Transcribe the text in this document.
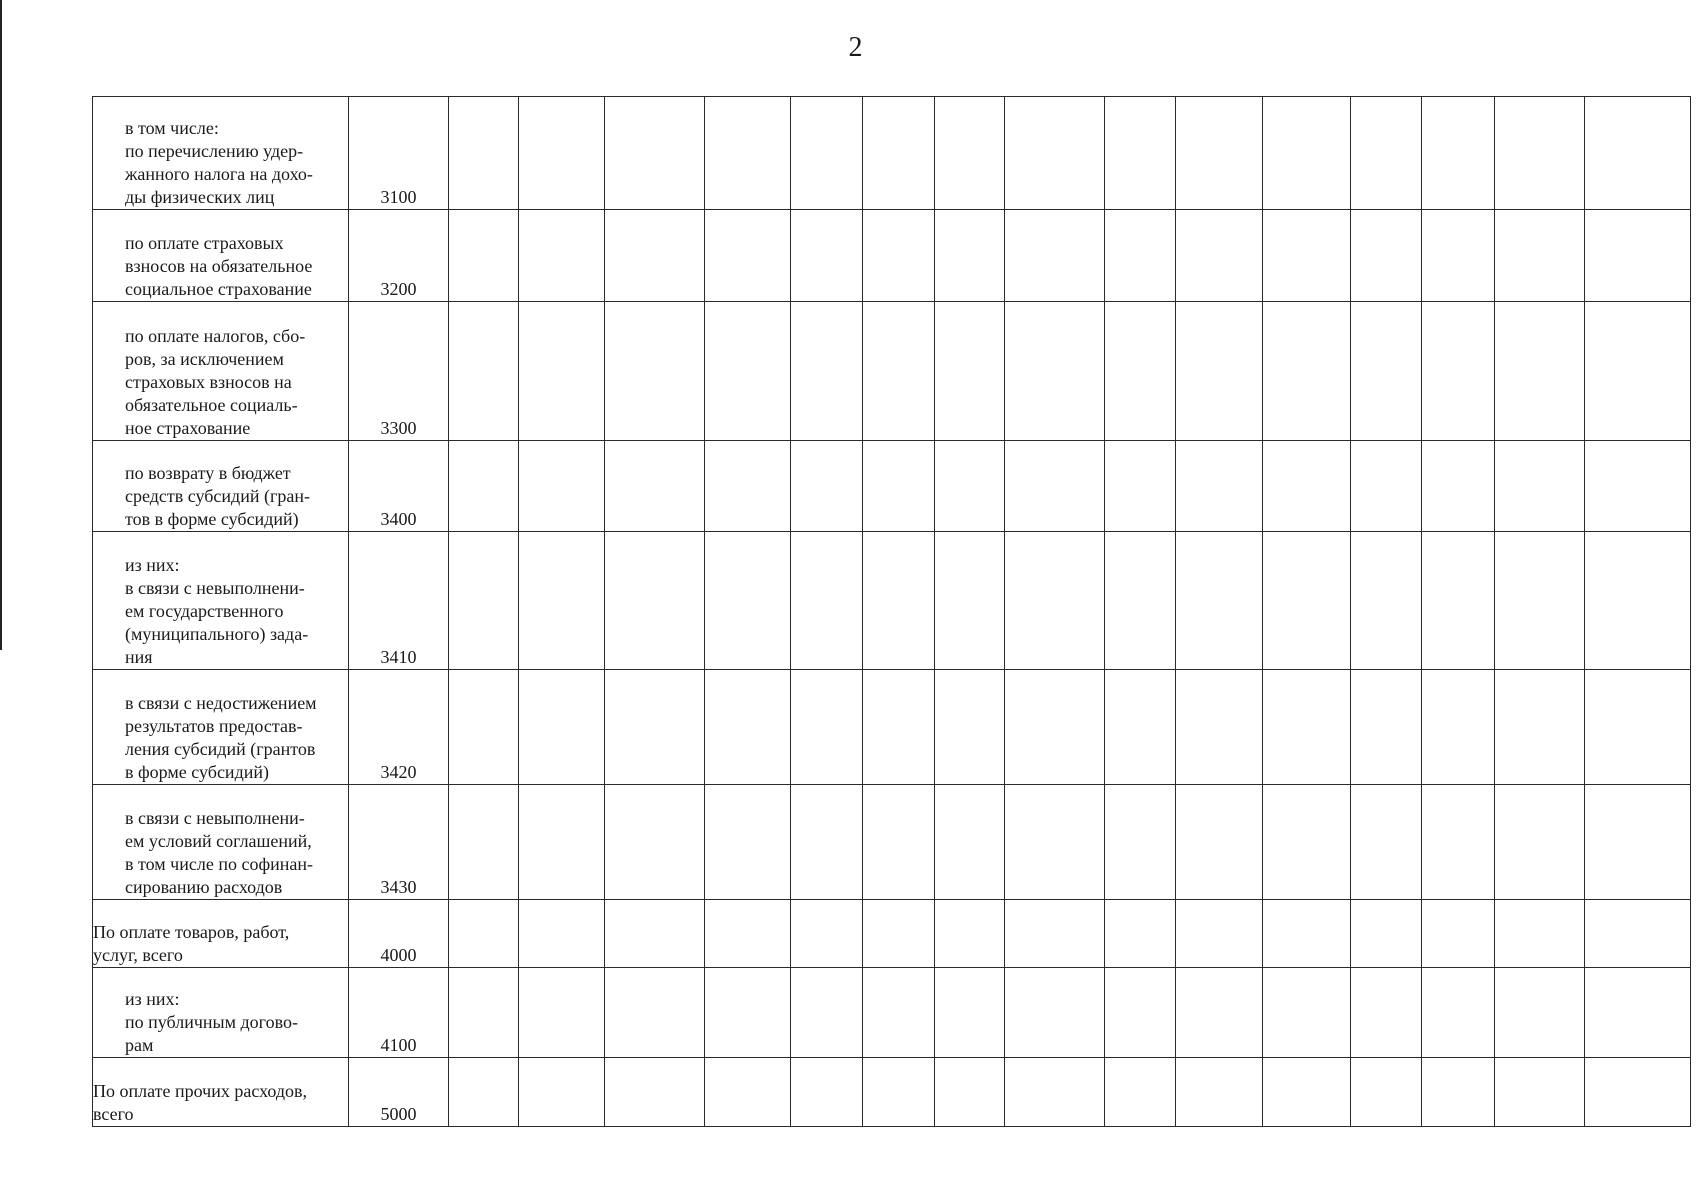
2
в том числе:
по перечислению удер-
жанного налога на дохо-
ды физических лиц	3100															
по оплате страховых
взносов на обязательное
социальное страхование	3200															
по оплате налогов, сбо-
ров, за исключением
страховых взносов на
обязательное социаль-
ное страхование	3300															
по возврату в бюджет
средств субсидий (гран-
тов в форме субсидий)	3400															
из них:
в связи с невыполнени-
ем государственного
(муниципального) зада-
ния	3410															
в связи с недостижением
результатов предостав-
ления субсидий (грантов
в форме субсидий)	3420															
в связи с невыполнени-
ем условий соглашений,
в том числе по софинан-
сированию расходов	3430															
По оплате товаров, работ,
услуг, всего	4000															
из них:
по публичным догово-
рам	4100															
По оплате прочих расходов,
всего	5000															
